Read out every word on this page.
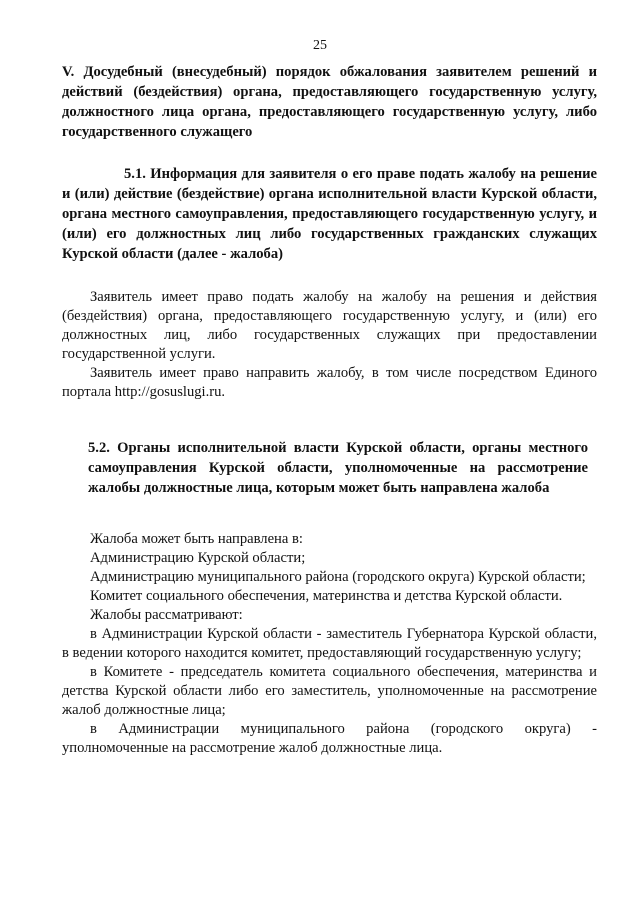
25
V. Досудебный (внесудебный) порядок обжалования заявителем решений и действий (бездействия) органа, предоставляющего государственную услугу, должностного лица органа, предоставляющего государственную услугу, либо государственного служащего
5.1. Информация для заявителя о его праве подать жалобу на решение и (или) действие (бездействие) органа исполнительной власти Курской области, органа местного самоуправления, предоставляющего государственную услугу, и (или) его должностных лиц либо государственных гражданских служащих Курской области (далее - жалоба)

Заявитель имеет право подать жалобу на жалобу на решения и действия (бездействия) органа, предоставляющего государственную услугу, и (или) его должностных лиц, либо государственных служащих при предоставлении государственной услуги.

Заявитель имеет право направить жалобу, в том числе посредством Единого портала http://gosuslugi.ru.

5.2. Органы исполнительной власти Курской области, органы местного самоуправления Курской области, уполномоченные на рассмотрение жалобы должностные лица, которым может быть направлена жалоба

Жалоба может быть направлена в:

Администрацию Курской области;

Администрацию муниципального района (городского округа) Курской области;

Комитет социального обеспечения, материнства и детства Курской области.

Жалобы рассматривают:

в Администрации Курской области - заместитель Губернатора Курской области, в ведении которого находится комитет, предоставляющий государственную услугу;

в Комитете - председатель комитета социального обеспечения, материнства и детства Курской области либо его заместитель, уполномоченные на рассмотрение жалоб должностные лица;

в Администрации муниципального района (городского округа) - уполномоченные на рассмотрение жалоб должностные лица.
